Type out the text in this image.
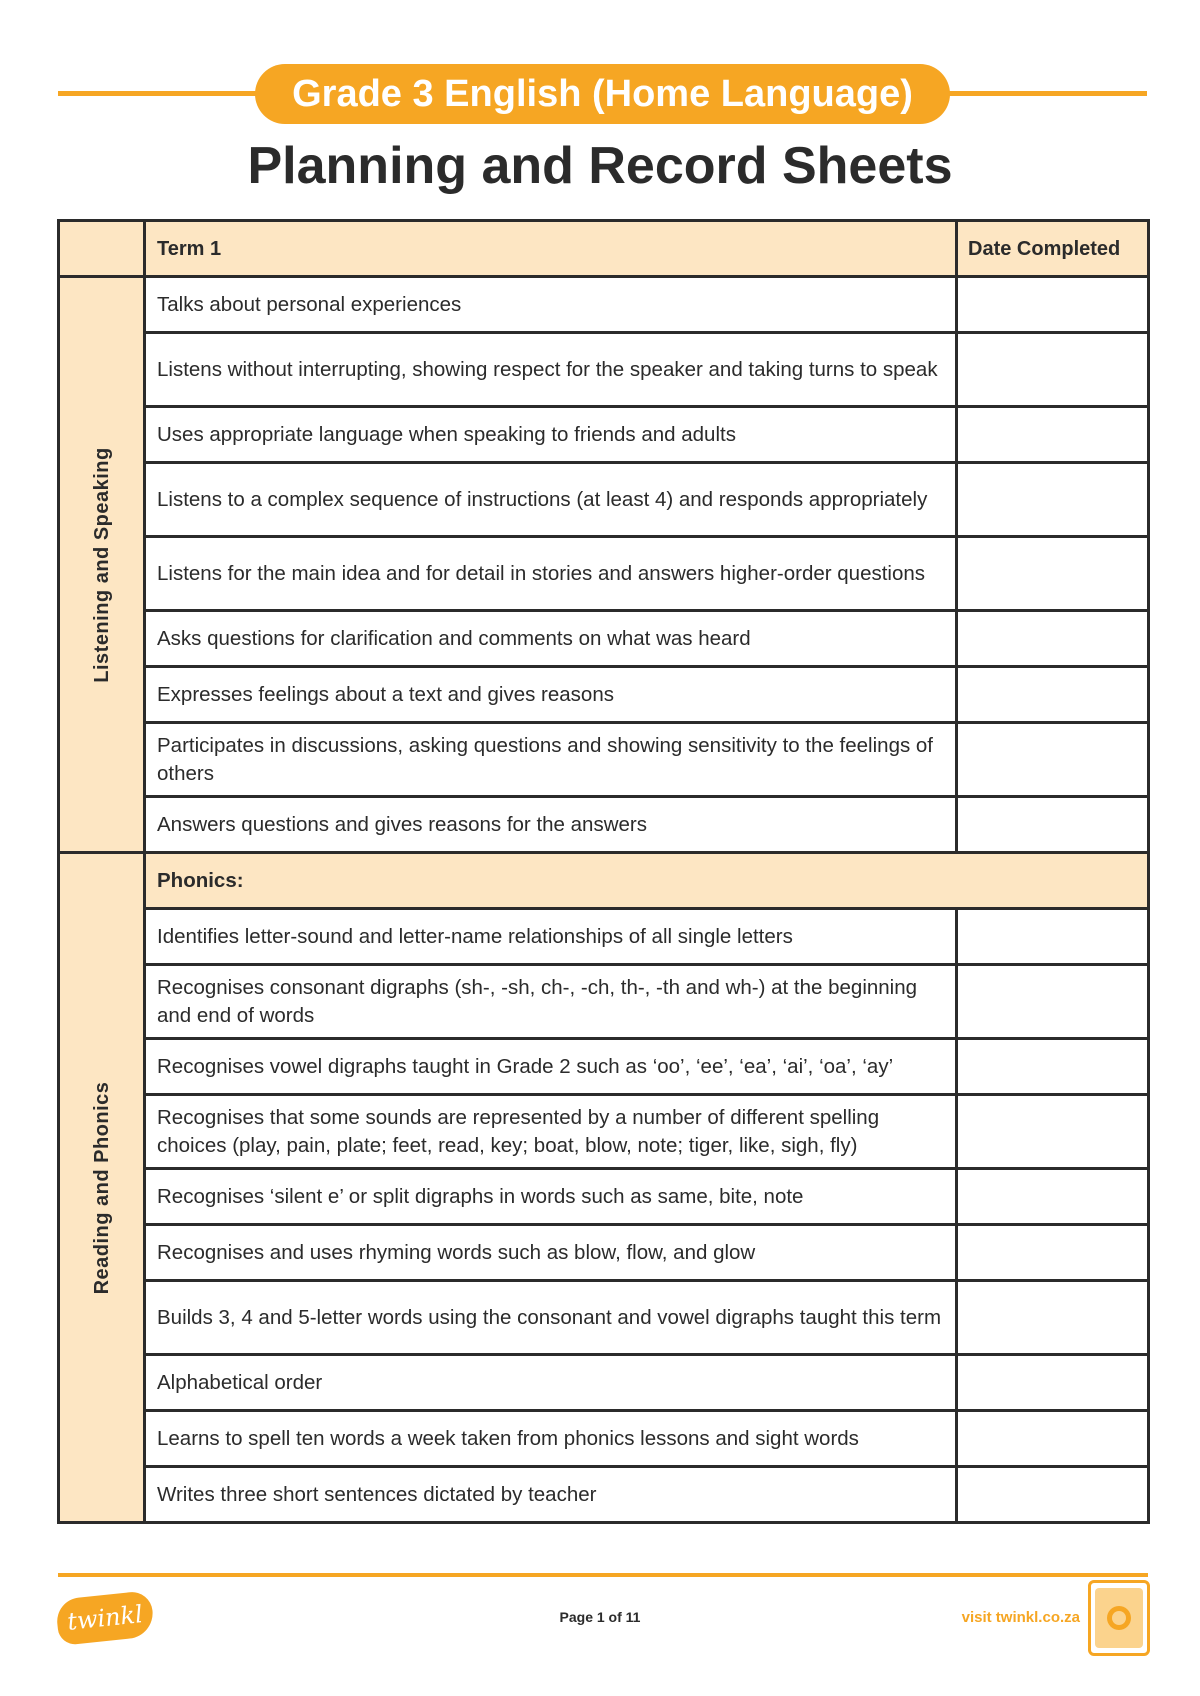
Grade 3 English (Home Language)
Planning and Record Sheets
	Term 1	Date Completed

Listening and Speaking	Talks about personal experiences	
	Listens without interrupting, showing respect for the speaker and taking turns to speak	
	Uses appropriate language when speaking to friends and adults	
	Listens to a complex sequence of instructions (at least 4) and responds appropriately	
	Listens for the main idea and for detail in stories and answers higher-order questions	
	Asks questions for clarification and comments on what was heard	
	Expresses feelings about a text and gives reasons	
	Participates in discussions, asking questions and showing sensitivity to the feelings of others	
	Answers questions and gives reasons for the answers	

Reading and Phonics	Phonics:	
	Identifies letter-sound and letter-name relationships of all single letters	
	Recognises consonant digraphs (sh-, -sh, ch-, -ch, th-, -th and wh-) at the beginning and end of words	
	Recognises vowel digraphs taught in Grade 2 such as ‘oo’, ‘ee’, ‘ea’, ‘ai’, ‘oa’, ‘ay’	
	Recognises that some sounds are represented by a number of different spelling choices (play, pain, plate; feet, read, key; boat, blow, note; tiger, like, sigh, fly)	
	Recognises ‘silent e’ or split digraphs in words such as same, bite, note	
	Recognises and uses rhyming words such as blow, flow, and glow	
	Builds 3, 4 and 5-letter words using the consonant and vowel digraphs taught this term	
	Alphabetical order	
	Learns to spell ten words a week taken from phonics lessons and sight words	
	Writes three short sentences dictated by teacher	
twinkl	Page 1 of 11	visit twinkl.co.za
